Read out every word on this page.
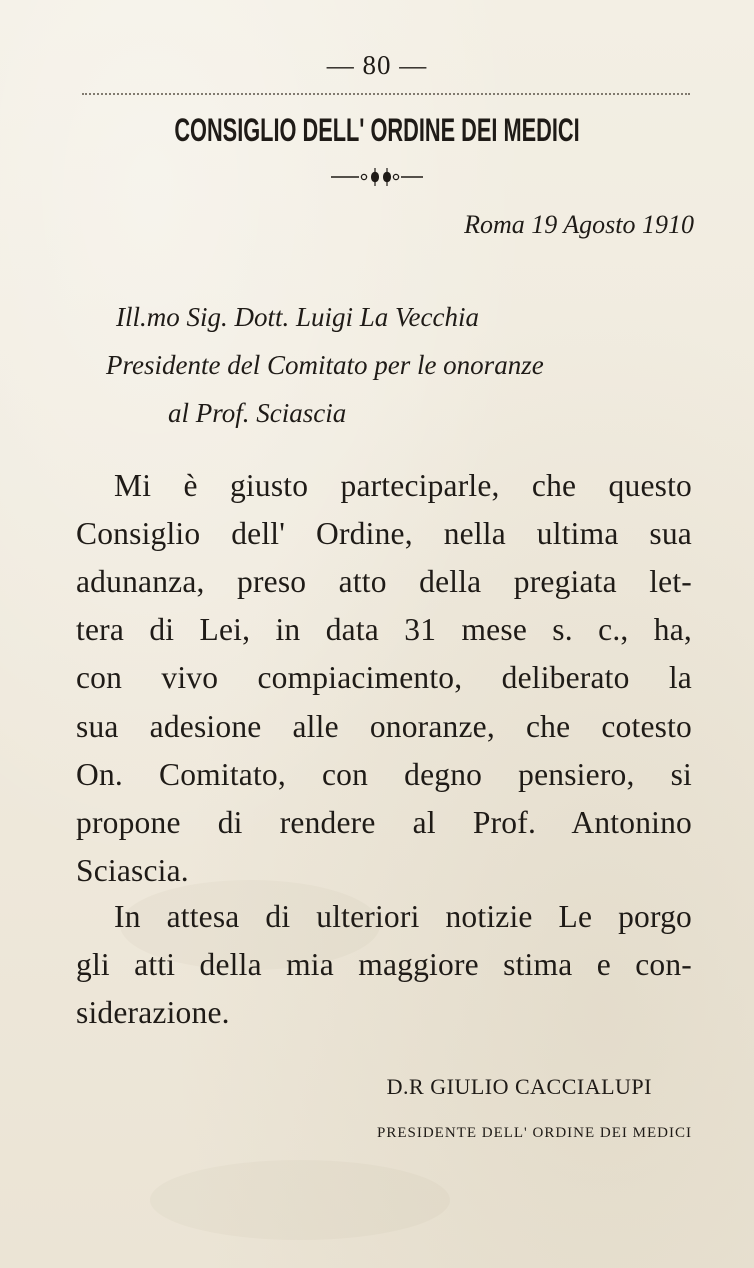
— 80 —
CONSIGLIO DELL' ORDINE DEI MEDICI
Roma 19 Agosto 1910
Ill.mo Sig. Dott. Luigi La Vecchia
Presidente del Comitato per le onoranze
al Prof. Sciascia
Mi è giusto parteciparle, che questo
Consiglio dell' Ordine, nella ultima sua
adunanza, preso atto della pregiata let-
tera di Lei, in data 31 mese s. c., ha,
con vivo compiacimento, deliberato la
sua adesione alle onoranze, che cotesto
On. Comitato, con degno pensiero, si
propone di rendere al Prof. Antonino
Sciascia.
In attesa di ulteriori notizie Le porgo
gli atti della mia maggiore stima e con-
siderazione.
D.R GIULIO CACCIALUPI
PRESIDENTE DELL' ORDINE DEI MEDICI
